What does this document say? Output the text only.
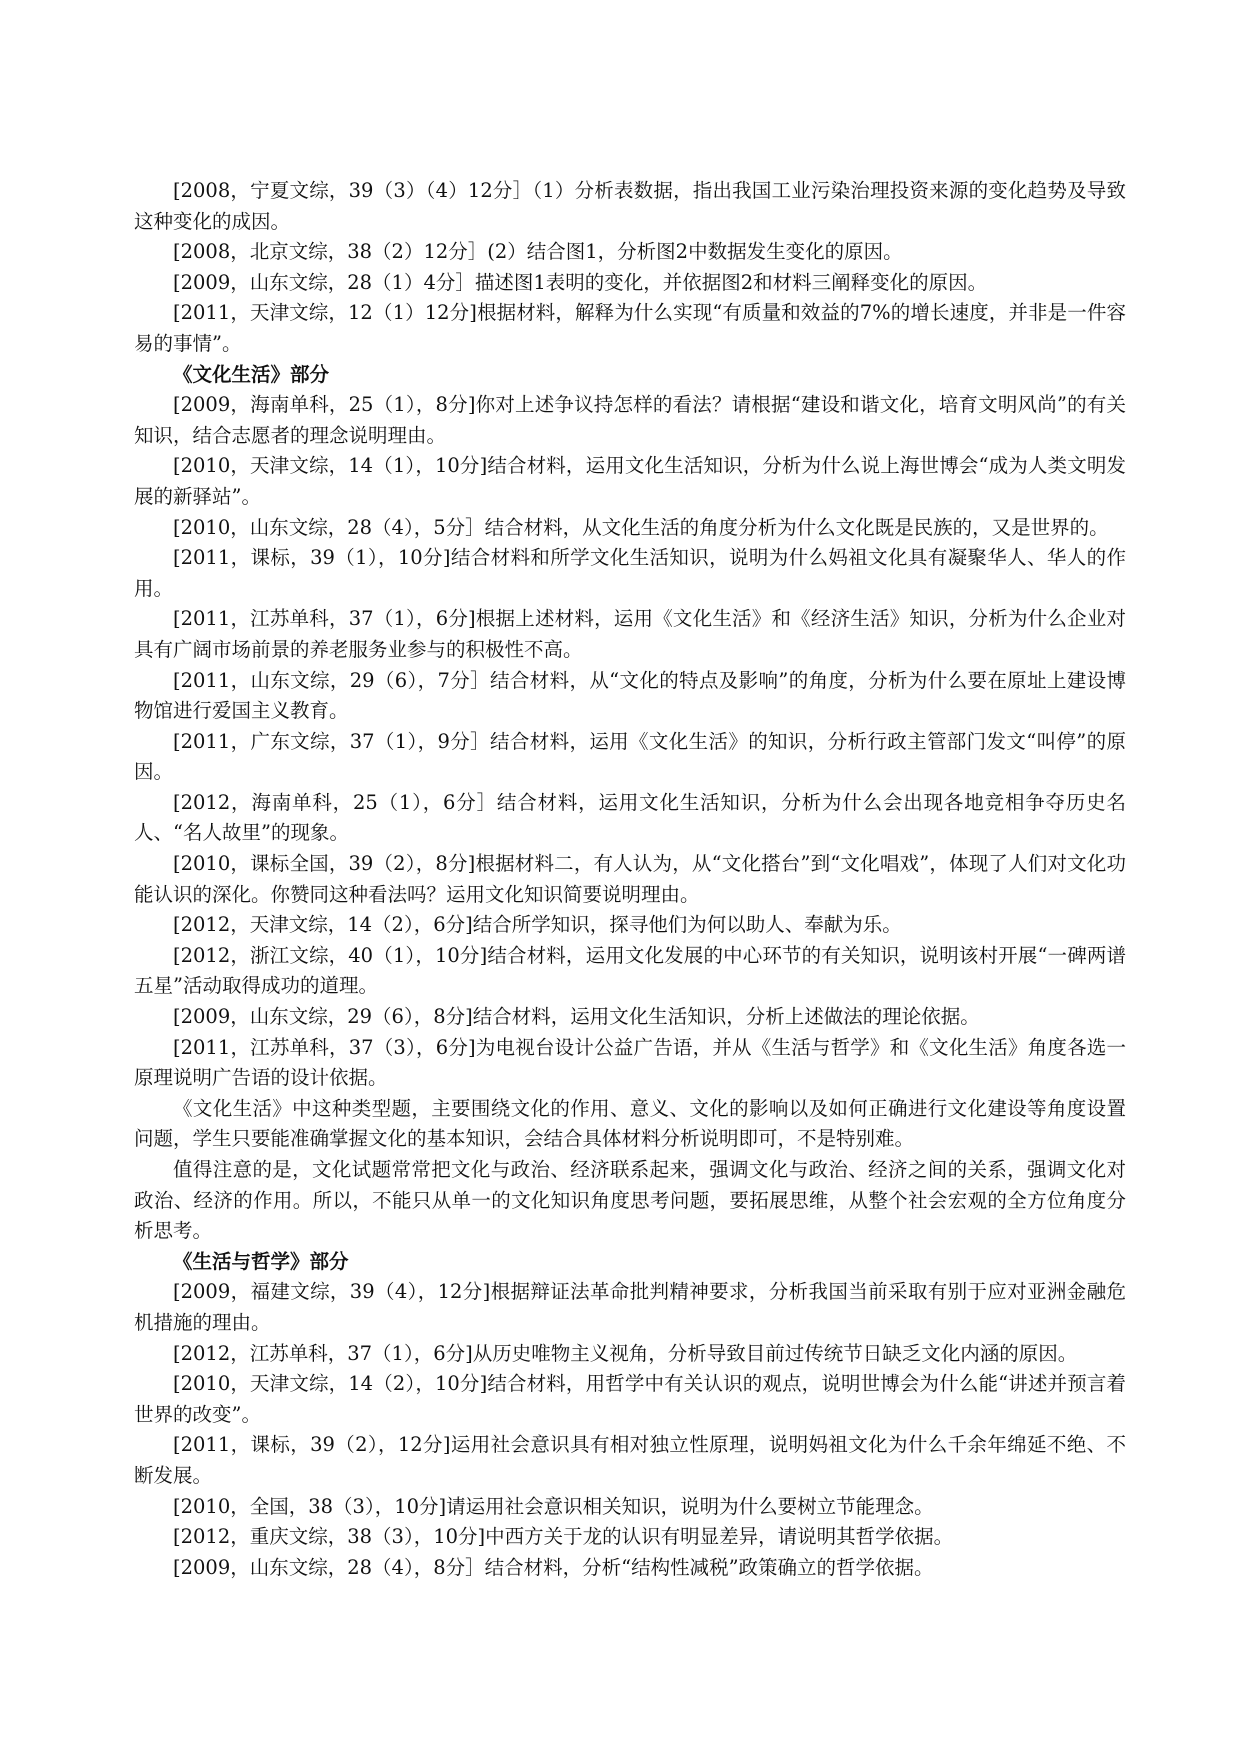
[2008，宁夏文综，39（3）（4）12分］（1）分析表数据，指出我国工业污染治理投资来源的变化趋势及导致这种变化的成因。

[2008，北京文综，38（2）12分］(2）结合图1，分析图2中数据发生变化的原因。

[2009，山东文综，28（1）4分］描述图1表明的变化，并依据图2和材料三阐释变化的原因。

[2011，天津文综，12（1）12分]根据材料，解释为什么实现“有质量和效益的7%的增长速度，并非是一件容易的事情”。

《文化生活》部分

[2009，海南单科，25（1），8分]你对上述争议持怎样的看法？请根据“建设和谐文化，培育文明风尚”的有关知识，结合志愿者的理念说明理由。

[2010，天津文综，14（1），10分]结合材料，运用文化生活知识，分析为什么说上海世博会“成为人类文明发展的新驿站”。

[2010，山东文综，28（4），5分］结合材料，从文化生活的角度分析为什么文化既是民族的，又是世界的。

[2011，课标，39（1），10分]结合材料和所学文化生活知识，说明为什么妈祖文化具有凝聚华人、华人的作用。

[2011，江苏单科，37（1），6分]根据上述材料，运用《文化生活》和《经济生活》知识，分析为什么企业对具有广阔市场前景的养老服务业参与的积极性不高。

[2011，山东文综，29（6），7分］结合材料，从“文化的特点及影响”的角度，分析为什么要在原址上建设博物馆进行爱国主义教育。

[2011，广东文综，37（1），9分］结合材料，运用《文化生活》的知识，分析行政主管部门发文“叫停”的原因。

[2012，海南单科，25（1），6分］结合材料，运用文化生活知识，分析为什么会出现各地竞相争夺历史名人、“名人故里”的现象。

[2010，课标全国，39（2），8分]根据材料二，有人认为，从“文化搭台”到“文化唱戏”，体现了人们对文化功能认识的深化。你赞同这种看法吗？运用文化知识简要说明理由。

[2012，天津文综，14（2），6分]结合所学知识，探寻他们为何以助人、奉献为乐。

[2012，浙江文综，40（1），10分]结合材料，运用文化发展的中心环节的有关知识，说明该村开展“一碑两谱五星”活动取得成功的道理。

[2009，山东文综，29（6），8分]结合材料，运用文化生活知识，分析上述做法的理论依据。

[2011，江苏单科，37（3），6分]为电视台设计公益广告语，并从《生活与哲学》和《文化生活》角度各选一原理说明广告语的设计依据。

《文化生活》中这种类型题，主要围绕文化的作用、意义、文化的影响以及如何正确进行文化建设等角度设置问题，学生只要能准确掌握文化的基本知识，会结合具体材料分析说明即可，不是特别难。

值得注意的是，文化试题常常把文化与政治、经济联系起来，强调文化与政治、经济之间的关系，强调文化对政治、经济的作用。所以，不能只从单一的文化知识角度思考问题，要拓展思维，从整个社会宏观的全方位角度分析思考。

《生活与哲学》部分

[2009，福建文综，39（4），12分]根据辩证法革命批判精神要求，分析我国当前采取有别于应对亚洲金融危机措施的理由。

[2012，江苏单科，37（1），6分]从历史唯物主义视角，分析导致目前过传统节日缺乏文化内涵的原因。

[2010，天津文综，14（2），10分]结合材料，用哲学中有关认识的观点，说明世博会为什么能“讲述并预言着世界的改变”。

[2011，课标，39（2），12分]运用社会意识具有相对独立性原理，说明妈祖文化为什么千余年绵延不绝、不断发展。

[2010，全国，38（3），10分]请运用社会意识相关知识，说明为什么要树立节能理念。

[2012，重庆文综，38（3），10分]中西方关于龙的认识有明显差异，请说明其哲学依据。

[2009，山东文综，28（4），8分］结合材料，分析“结构性减税”政策确立的哲学依据。
